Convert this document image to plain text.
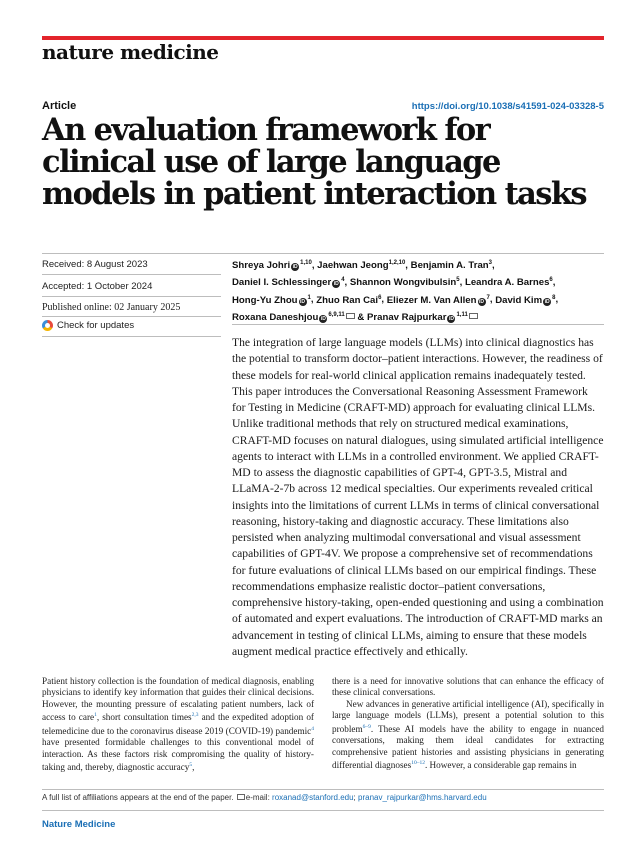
nature medicine
Article	https://doi.org/10.1038/s41591-024-03328-5
An evaluation framework for clinical use of large language models in patient interaction tasks
Received: 8 August 2023
Accepted: 1 October 2024
Published online: 02 January 2025
Check for updates
Shreya Johri iD$^{1,10}$, Jaehwan Jeong$^{1,2,10}$, Benjamin A. Tran$^3$, Daniel I. Schlessinger $iD^4$, Shannon Wongvibulsin$^5$, Leandra A. Barnes$^6$, Hong-Yu Zhou $iD^1$, Zhuo Ran Cai$^6$, Eliezer M. Van Allen $iD^7$, David Kim $iD^8$, Roxana Daneshjou iD$^{6,9,11}$ & Pranav Rajpurkar iD$^{1,11}$

The integration of large language models (LLMs) into clinical diagnostics has the potential to transform doctor–patient interactions. However, the readiness of these models for real-world clinical application remains inadequately tested. This paper introduces the Conversational Reasoning Assessment Framework for Testing in Medicine (CRAFT-MD) approach for evaluating clinical LLMs. Unlike traditional methods that rely on structured medical examinations, CRAFT-MD focuses on natural dialogues, using simulated artificial intelligence agents to interact with LLMs in a controlled environment. We applied CRAFT-MD to assess the diagnostic capabilities of GPT-4, GPT-3.5, Mistral and LLaMA-2-7b across 12 medical specialties. Our experiments revealed critical insights into the limitations of current LLMs in terms of clinical conversational reasoning, history-taking and diagnostic accuracy. These limitations also persisted when analyzing multimodal conversational and visual assessment capabilities of GPT-4V. We propose a comprehensive set of recommendations for future evaluations of clinical LLMs based on our empirical findings. These recommendations emphasize realistic doctor–patient conversations, comprehensive history-taking, open-ended questioning and using a combination of automated and expert evaluations. The introduction of CRAFT-MD marks an advancement in testing of clinical LLMs, aiming to ensure that these models augment medical practice effectively and ethically.

Patient history collection is the foundation of medical diagnosis, enabling physicians to identify key information that guides their clinical decisions. However, the mounting pressure of escalating patient numbers, lack of access to care$^1$, short consultation times$^{2,3}$ and the expedited adoption of telemedicine due to the coronavirus disease 2019 (COVID-19) pandemic$^4$ have presented formidable challenges to this conventional model of interaction. As these factors risk compromising the quality of history-taking and, thereby, diagnostic accuracy$^5$,

there is a need for innovative solutions that can enhance the efficacy of these clinical conversations.

New advances in generative artificial intelligence (AI), specifically in large language models (LLMs), present a potential solution to this problem$^{6-9}$. These AI models have the ability to engage in nuanced conversations, making them ideal candidates for extracting comprehensive patient histories and assisting physicians in generating differential diagnoses$^{10-12}$. However, a considerable gap remains in

A full list of affiliations appears at the end of the paper. e-mail: roxanad@stanford.edu; pranav_rajpurkar@hms.harvard.edu
Nature Medicine
